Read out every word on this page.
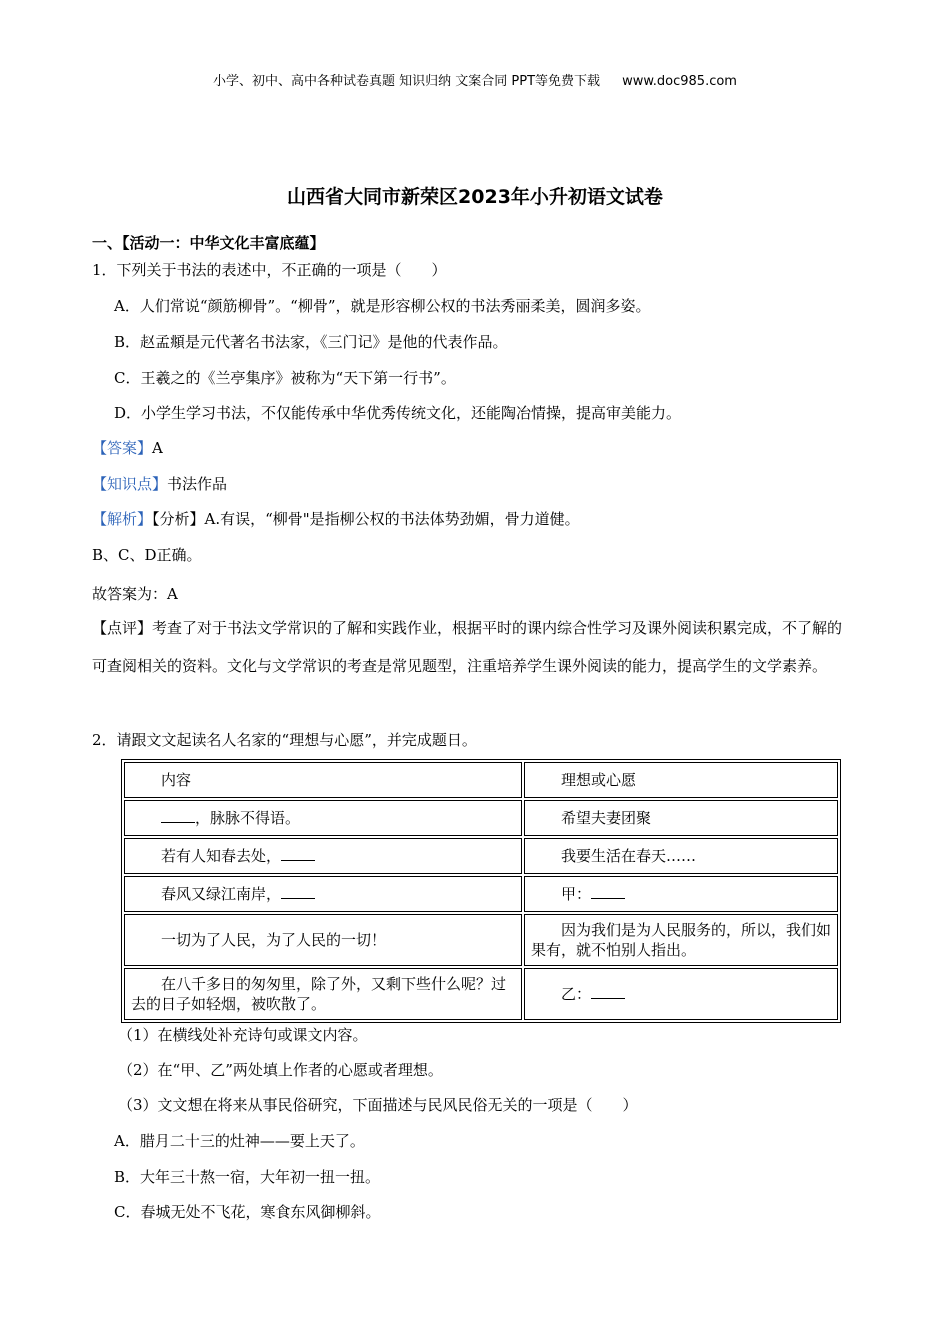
小学、初中、高中各种试卷真题 知识归纳 文案合同 PPT等免费下载 www.doc985.com
山西省大同市新荣区2023年小升初语文试卷
一、【活动一：中华文化丰富底蕴】
1．下列关于书法的表述中，不正确的一项是（　　）
A．人们常说“颜筋柳骨”。“柳骨”，就是形容柳公权的书法秀丽柔美，圆润多姿。
B．赵孟頫是元代著名书法家，《三门记》是他的代表作品。
C．王羲之的《兰亭集序》被称为“天下第一行书”。
D．小学生学习书法，不仅能传承中华优秀传统文化，还能陶冶情操，提高审美能力。
【答案】A
【知识点】书法作品
【解析】【分析】A.有误，“柳骨"是指柳公权的书法体势劲媚，骨力道健。
B、C、D正确。
故答案为：A
【点评】考查了对于书法文学常识的了解和实践作业，根据平时的课内综合性学习及课外阅读积累完成，不了解的可查阅相关的资料。文化与文学常识的考查是常见题型，注重培养学生课外阅读的能力，提高学生的文学素养。
2．请跟文文起读名人名家的“理想与心愿”，并完成题日。
内容	理想或心愿
，脉脉不得语。	希望夫妻团聚
若有人知春去处，	我要生活在春天……
春风又绿江南岸，	甲：
一切为了人民，为了人民的一切！	因为我们是为人民服务的，所以，我们如果有，就不怕别人指出。
在八千多日的匆匆里，除了外，又剩下些什么呢？过去的日子如轻烟，被吹散了。	乙：
（1）在横线处补充诗句或课文内容。
（2）在“甲、乙”两处填上作者的心愿或者理想。
（3）文文想在将来从事民俗研究，下面描述与民风民俗无关的一项是（　　）
A．腊月二十三的灶神——要上天了。
B．大年三十熬一宿，大年初一扭一扭。
C．春城无处不飞花，寒食东风御柳斜。
